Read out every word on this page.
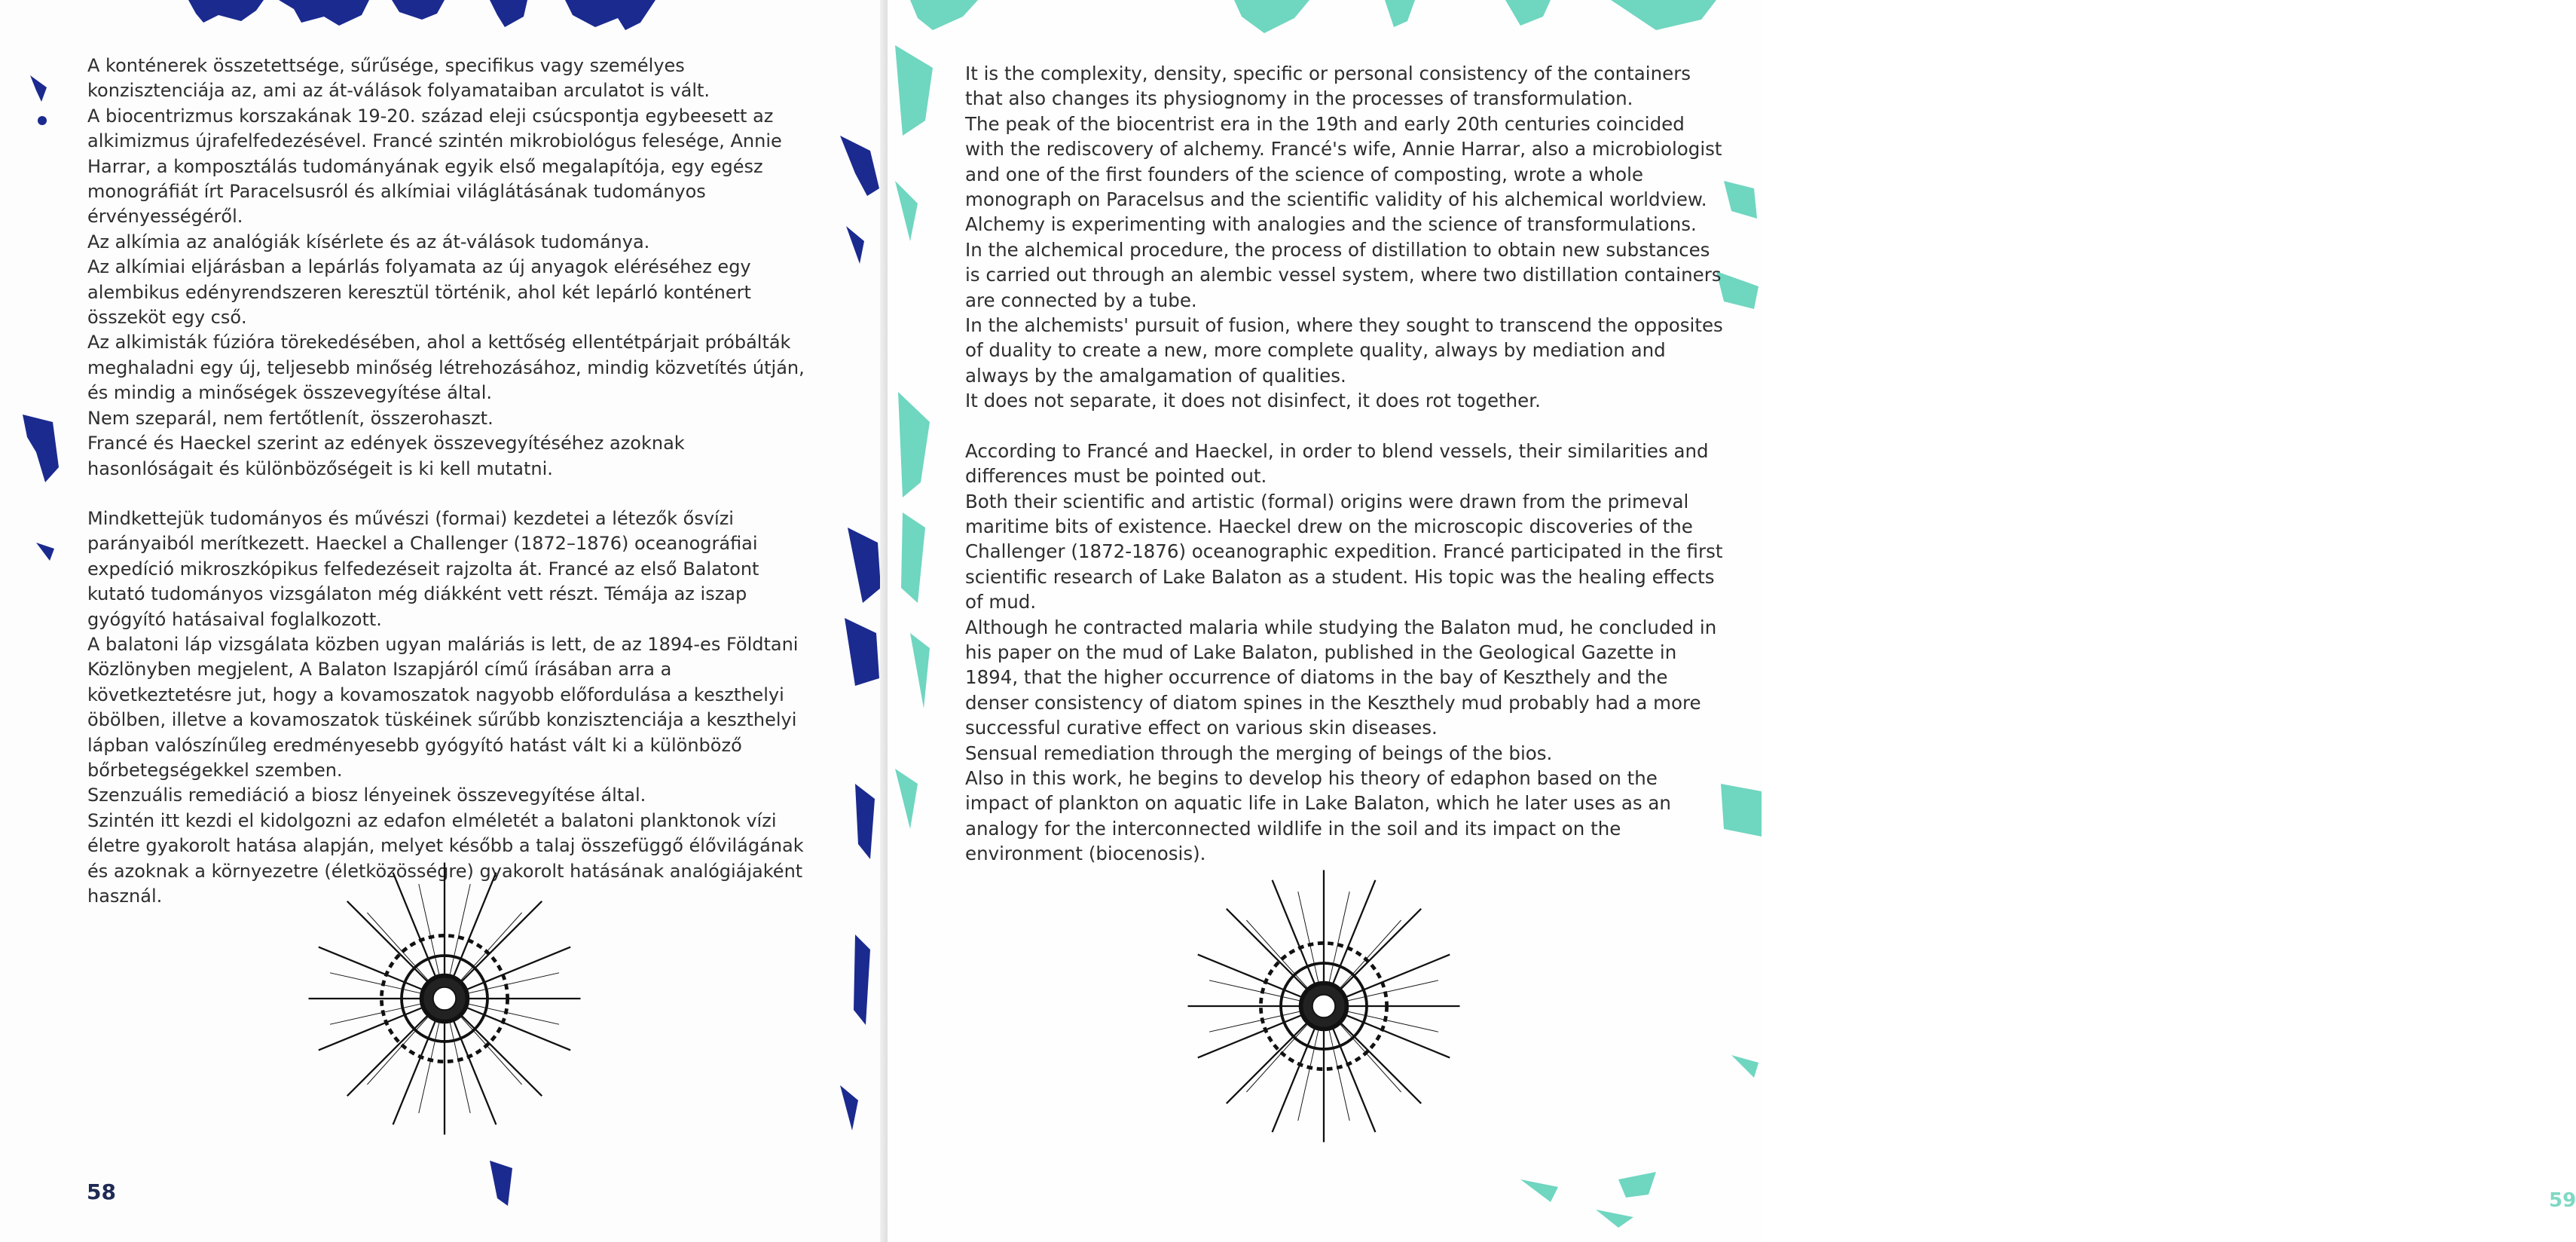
A konténerek összetettsége, sűrűsége, specifikus vagy személyes konzisztenciája az, ami az át-válások folyamataiban arculatot is vált.

A biocentrizmus korszakának 19-20. század eleji csúcspontja egybeesett az alkimizmus újrafelfedezésével. Francé szintén mikrobiológus felesége, Annie Harrar, a komposztálás tudományának egyik első megalapítója, egy egész monográfiát írt Paracelsusról és alkímiai világlátásának tudományos érvényességéről.

Az alkímia az analógiák kísérlete és az át-válások tudománya.

Az alkímiai eljárásban a lepárlás folyamata az új anyagok eléréséhez egy alembikus edényrendszeren keresztül történik, ahol két lepárló konténert összeköt egy cső.

Az alkimisták fúzióra törekedésében, ahol a kettőség ellentétpárjait próbálták meghaladni egy új, teljesebb minőség létrehozásához, mindig közvetítés útján, és mindig a minőségek összevegyítése által.

Nem szeparál, nem fertőtlenít, összerohaszt.

Francé és Haeckel szerint az edények összevegyítéséhez azoknak hasonlóságait és különbözőségeit is ki kell mutatni.

Mindkettejük tudományos és művészi (formai) kezdetei a létezők ősvízi parányaiból merítkezett. Haeckel a Challenger (1872–1876) oceanográfiai expedíció mikroszkópikus felfedezéseit rajzolta át. Francé az első Balatont kutató tudományos vizsgálaton még diákként vett részt. Témája az iszap gyógyító hatásaival foglalkozott.

A balatoni láp vizsgálata közben ugyan maláriás is lett, de az 1894-es Földtani Közlönyben megjelent, A Balaton Iszapjáról című írásában arra a következtetésre jut, hogy a kovamoszatok nagyobb előfordulása a keszthelyi öbölben, illetve a kovamoszatok tüskéinek sűrűbb konzisztenciája a keszthelyi lápban valószínűleg eredményesebb gyógyító hatást vált ki a különböző bőrbetegségekkel szemben.

Szenzuális remediáció a biosz lényeinek összevegyítése által.

Szintén itt kezdi el kidolgozni az edafon elméletét a balatoni planktonok vízi életre gyakorolt hatása alapján, melyet később a talaj összefüggő élővilágának és azoknak a környezetre (életközösségre) gyakorolt hatásának analógiájaként használ.

58

It is the complexity, density, specific or personal consistency of the containers that also changes its physiognomy in the processes of transformulation.

The peak of the biocentrist era in the 19th and early 20th centuries coincided with the rediscovery of alchemy. Francé's wife, Annie Harrar, also a microbiologist and one of the first founders of the science of composting, wrote a whole monograph on Paracelsus and the scientific validity of his alchemical worldview.

Alchemy is experimenting with analogies and the science of transformulations.

In the alchemical procedure, the process of distillation to obtain new substances is carried out through an alembic vessel system, where two distillation containers are connected by a tube.

In the alchemists' pursuit of fusion, where they sought to transcend the opposites of duality to create a new, more complete quality, always by mediation and always by the amalgamation of qualities.

It does not separate, it does not disinfect, it does rot together.

According to Francé and Haeckel, in order to blend vessels, their similarities and differences must be pointed out.

Both their scientific and artistic (formal) origins were drawn from the primeval maritime bits of existence. Haeckel drew on the microscopic discoveries of the Challenger (1872-1876) oceanographic expedition. Francé participated in the first scientific research of Lake Balaton as a student. His topic was the healing effects of mud.

Although he contracted malaria while studying the Balaton mud, he concluded in his paper on the mud of Lake Balaton, published in the Geological Gazette in 1894, that the higher occurrence of diatoms in the bay of Keszthely and the denser consistency of diatom spines in the Keszthely mud probably had a more successful curative effect on various skin diseases.

Sensual remediation through the merging of beings of the bios.

Also in this work, he begins to develop his theory of edaphon based on the impact of plankton on aquatic life in Lake Balaton, which he later uses as an analogy for the interconnected wildlife in the soil and its impact on the environment (biocenosis).

59
